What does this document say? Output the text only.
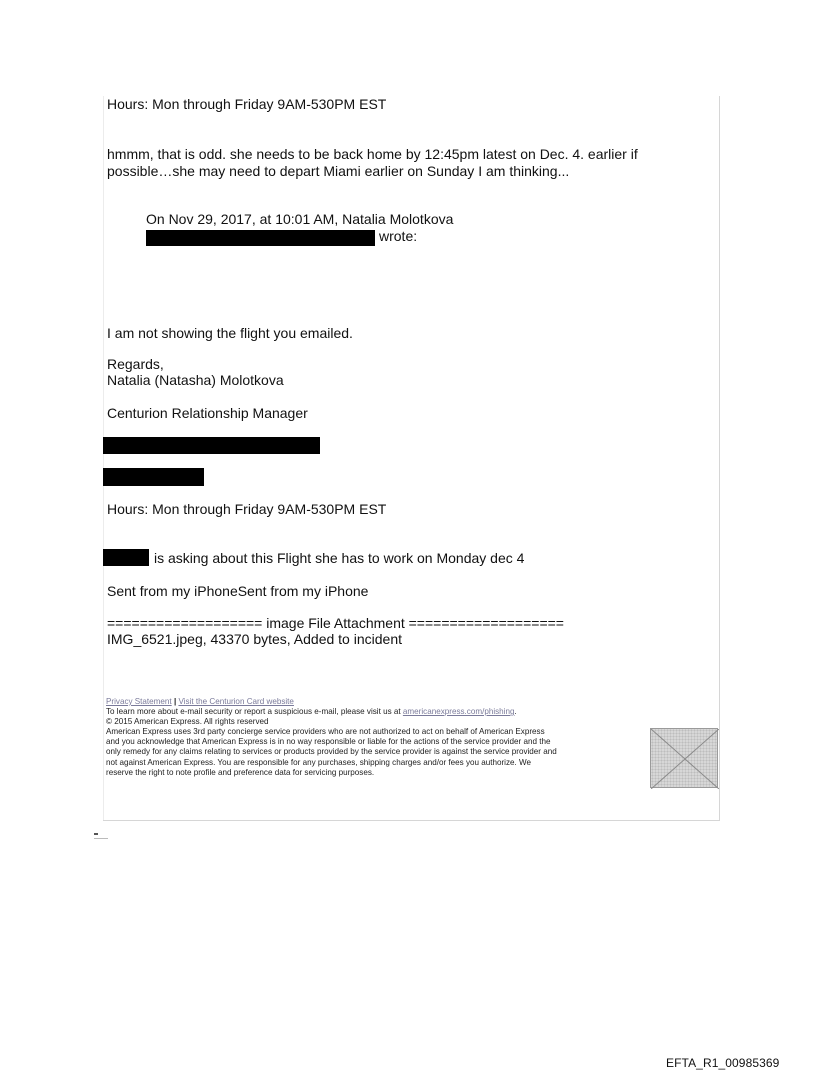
Hours: Mon through Friday 9AM-530PM EST

hmmm, that is odd. she needs to be back home by 12:45pm latest on Dec. 4. earlier if

possible…she may need to depart Miami earlier on Sunday I am thinking...

On Nov 29, 2017, at 10:01 AM, Natalia Molotkova

wrote:

I am not showing the flight you emailed.

Regards,

Natalia (Natasha) Molotkova

Centurion Relationship Manager

Hours: Mon through Friday 9AM-530PM EST

is asking about this Flight she has to work on Monday dec 4

Sent from my iPhoneSent from my iPhone

=================== image File Attachment ===================

IMG_6521.jpeg, 43370 bytes, Added to incident

Privacy Statement | Visit the Centurion Card website

To learn more about e-mail security or report a suspicious e-mail, please visit us at americanexpress.com/phishing.

© 2015 American Express. All rights reserved

American Express uses 3rd party concierge service providers who are not authorized to act on behalf of American Express

and you acknowledge that American Express is in no way responsible or liable for the actions of the service provider and the

only remedy for any claims relating to services or products provided by the service provider is against the service provider and

not against American Express. You are responsible for any purchases, shipping charges and/or fees you authorize. We

reserve the right to note profile and preference data for servicing purposes.

EFTA_R1_00985369
